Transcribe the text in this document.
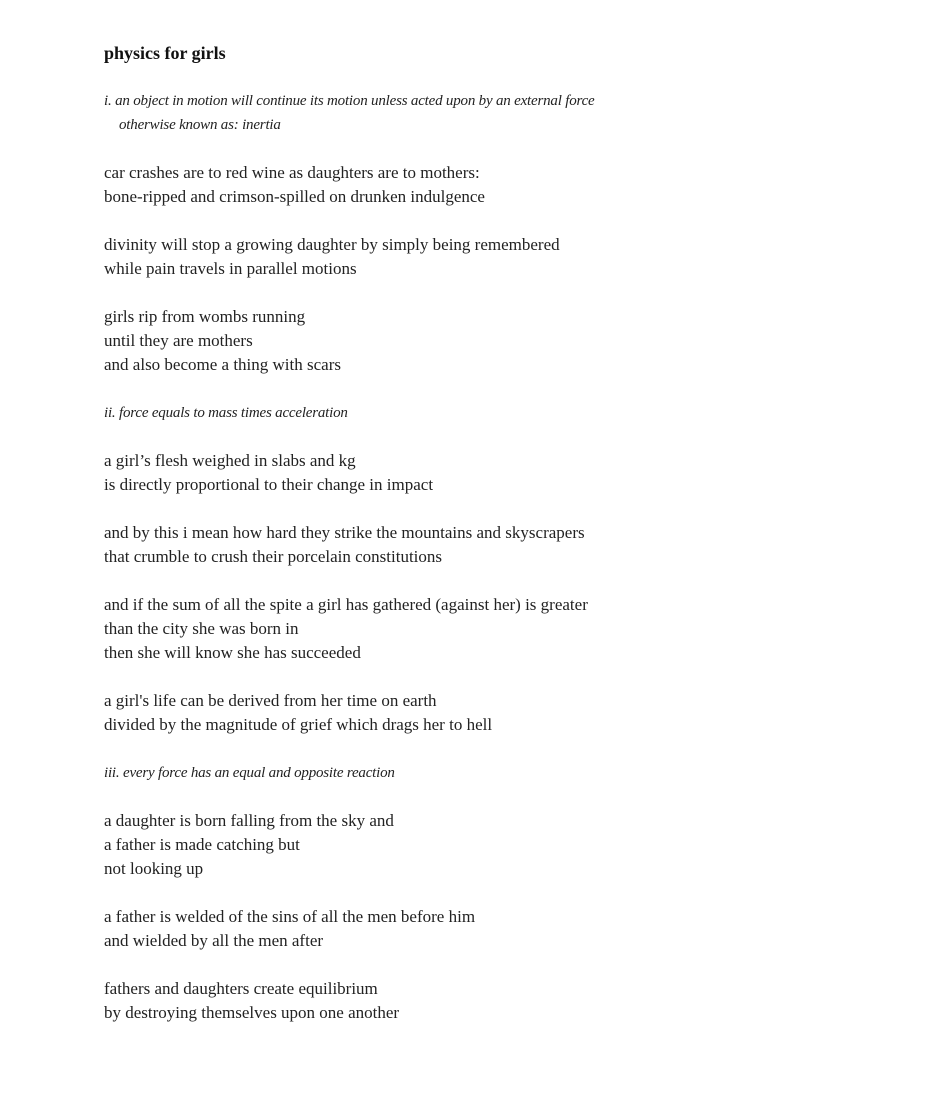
physics for girls
i. an object in motion will continue its motion unless acted upon by an external force
otherwise known as: inertia
car crashes are to red wine as daughters are to mothers:
bone-ripped and crimson-spilled on drunken indulgence
divinity will stop a growing daughter by simply being remembered
while pain travels in parallel motions
girls rip from wombs running
until they are mothers
and also become a thing with scars
ii. force equals to mass times acceleration
a girl’s flesh weighed in slabs and kg
is directly proportional to their change in impact
and by this i mean how hard they strike the mountains and skyscrapers
that crumble to crush their porcelain constitutions
and if the sum of all the spite a girl has gathered (against her) is greater
than the city she was born in
then she will know she has succeeded
a girl's life can be derived from her time on earth
divided by the magnitude of grief which drags her to hell
iii. every force has an equal and opposite reaction
a daughter is born falling from the sky and
a father is made catching but
not looking up
a father is welded of the sins of all the men before him
and wielded by all the men after
fathers and daughters create equilibrium
by destroying themselves upon one another
